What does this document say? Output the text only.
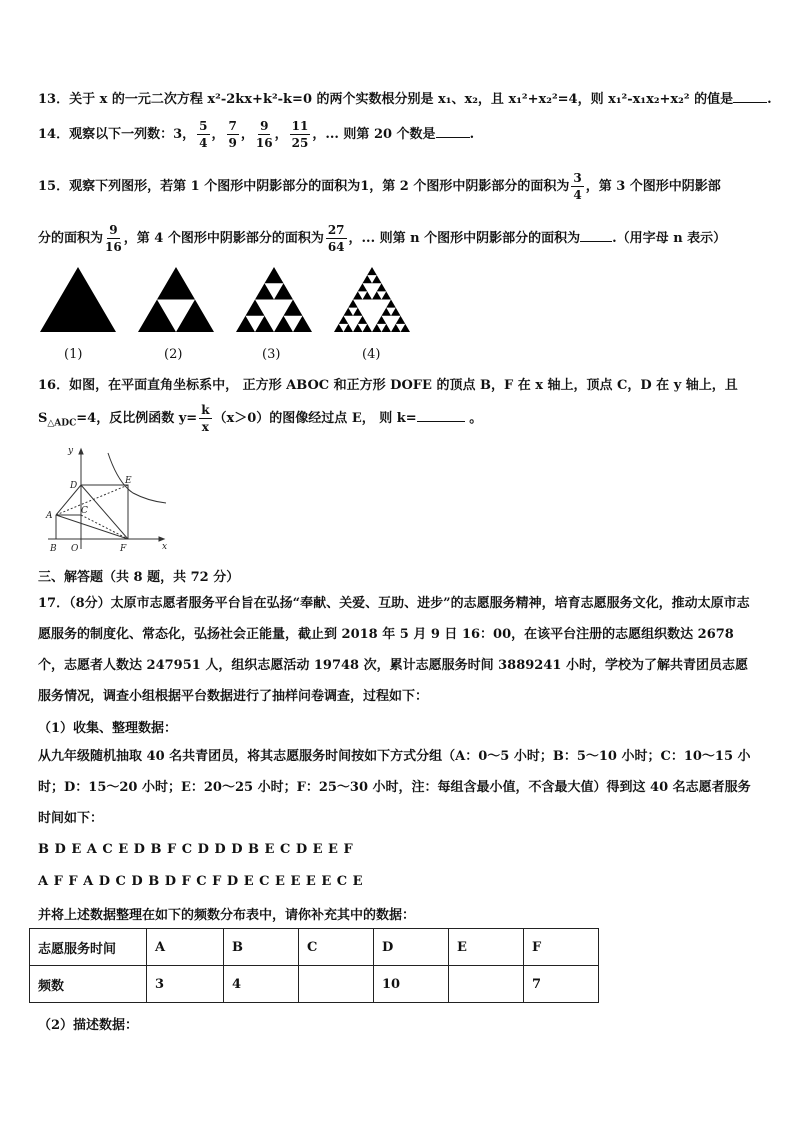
13．关于 x 的一元二次方程 x²-2kx+k²-k=0 的两个实数根分别是 x₁、x₂，且 x₁²+x₂²=4，则 x₁²-x₁x₂+x₂² 的值是	.
14．观察以下一列数：3， $\frac{5}{4}$ ， $\frac{7}{9}$ ， $\frac{9}{16}$ ， $\frac{11}{25}$ ，... 则第 20 个数是	.
15．观察下列图形，若第 1 个图形中阴影部分的面积为1，第 2 个图形中阴影部分的面积为 $\frac{3}{4}$ ，第 3 个图形中阴影部
分的面积为 $\frac{9}{16}$ ，第 4 个图形中阴影部分的面积为 $\frac{27}{64}$ ，... 则第 n 个图形中阴影部分的面积为 .（用字母 n 表示）
(1)	(2)	(3)	(4)
16．如图，在平面直角坐标系中， 正方形 ABOC 和正方形 DOFE 的顶点 B，F 在 x 轴上，顶点 C，D 在 y 轴上，且
$S_{\triangle ADC}=4$，反比例函数 $y= \frac{k}{x} (x>0)$的图像经过点 E， 则 k=	。
y
x
D	E
A	C
B O	F
三、解答题（共 8 题，共 72 分）
17．（8分）太原市志愿者服务平台旨在弘扬“奉献、关爱、互助、进步”的志愿服务精神，培育志愿服务文化，推动太原市志愿服务的制度化、常态化，弘扬社会正能量，截止到 2018 年 5 月 9 日 16：00，在该平台注册的志愿组织数达 2678 个，志愿者人数达 247951 人，组织志愿活动 19748 次，累计志愿服务时间 3889241 小时，学校为了解共青团员志愿服务情况，调查小组根据平台数据进行了抽样问卷调查，过程如下：
（1）收集、整理数据：
从九年级随机抽取 40 名共青团员，将其志愿服务时间按如下方式分组（A：0～5 小时；B：5～10 小时；C：10～15 小时；D：15～20 小时；E：20～25 小时；F：25～30 小时，注：每组含最小值，不含最大值）得到这 40 名志愿者服务时间如下：
B D E A C E D B F C D D D B E C D E E F
A F F A D C D B D F C F D E C E E E E C E
并将上述数据整理在如下的频数分布表中，请你补充其中的数据：
志愿服务时间	A	B	C	D	E	F
频数	3	4		10		7
（2）描述数据：
